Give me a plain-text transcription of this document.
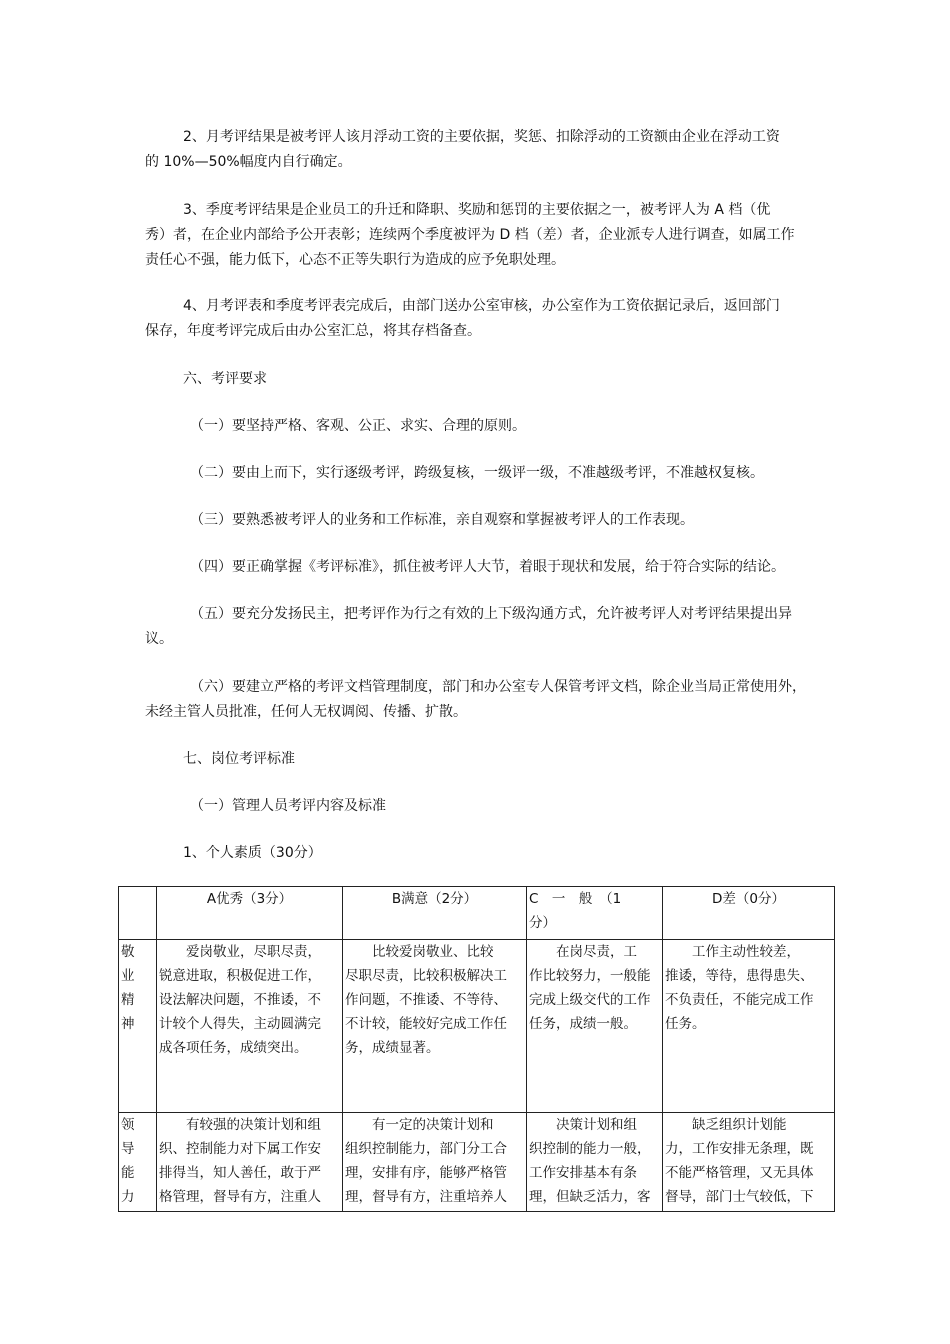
2、月考评结果是被考评人该月浮动工资的主要依据，奖惩、扣除浮动的工资额由企业在浮动工资
的 10%—50%幅度内自行确定。
3、季度考评结果是企业员工的升迁和降职、奖励和惩罚的主要依据之一，被考评人为 A 档（优
秀）者，在企业内部给予公开表彰；连续两个季度被评为 D 档（差）者，企业派专人进行调查，如属工作
责任心不强，能力低下，心态不正等失职行为造成的应予免职处理。
4、月考评表和季度考评表完成后，由部门送办公室审核，办公室作为工资依据记录后，返回部门
保存，年度考评完成后由办公室汇总，将其存档备查。
六、考评要求
（一）要坚持严格、客观、公正、求实、合理的原则。
（二）要由上而下，实行逐级考评，跨级复核，一级评一级，不准越级考评，不准越权复核。
（三）要熟悉被考评人的业务和工作标准，亲自观察和掌握被考评人的工作表现。
（四）要正确掌握《考评标准》，抓住被考评人大节，着眼于现状和发展，给于符合实际的结论。
（五）要充分发扬民主，把考评作为行之有效的上下级沟通方式，允许被考评人对考评结果提出异
议。
（六）要建立严格的考评文档管理制度，部门和办公室专人保管考评文档，除企业当局正常使用外，
未经主管人员批准，任何人无权调阅、传播、扩散。
七、岗位考评标准
（一）管理人员考评内容及标准
1、个人素质（30分）
	A优秀（3分）	B满意（2分）	C　一　般　（1
分）	D差（0分）

敬
业
精
神	　　爱岗敬业，尽职尽责，
锐意进取，积极促进工作，
设法解决问题，不推诿，不
计较个人得失，主动圆满完
成各项任务，成绩突出。	　　比较爱岗敬业、比较
尽职尽责，比较积极解决工
作问题，不推诿、不等待、
不计较，能较好完成工作任
务，成绩显著。	　　在岗尽责，工
作比较努力，一般能
完成上级交代的工作
任务，成绩一般。	　　工作主动性较差，
推诿，等待，患得患失、
不负责任，不能完成工作
任务。

领
导
能
力	　　有较强的决策计划和组
织、控制能力对下属工作安
排得当，知人善任，敢于严
格管理，督导有方，注重人	　　有一定的决策计划和
组织控制能力，部门分工合
理，安排有序，能够严格管
理，督导有方，注重培养人	　　决策计划和组
织控制的能力一般，
工作安排基本有条
理，但缺乏活力，客	　　缺乏组织计划能
力，工作安排无条理，既
不能严格管理，又无具体
督导，部门士气较低，下
